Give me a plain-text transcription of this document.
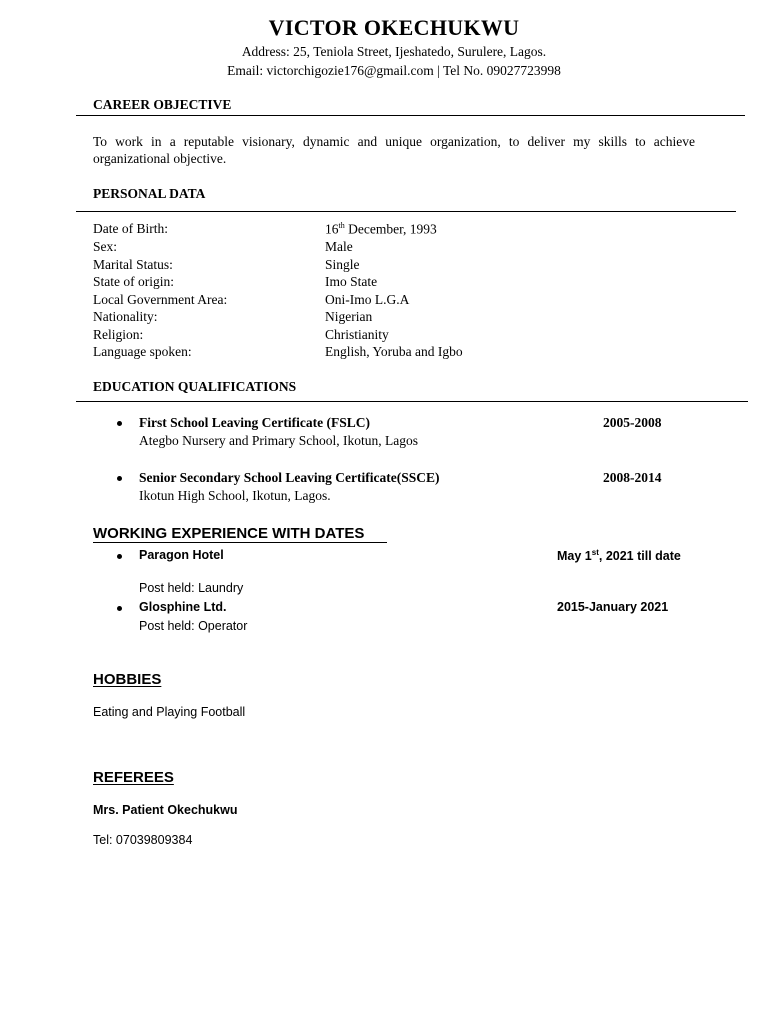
VICTOR OKECHUKWU
Address: 25, Teniola Street, Ijeshatedo, Surulere, Lagos.
Email: victorchigozie176@gmail.com | Tel No. 09027723998
CAREER OBJECTIVE
To work in a reputable visionary, dynamic and unique organization, to deliver my skills to achieve organizational objective.
PERSONAL DATA
Date of Birth:	16th December, 1993
Sex:	Male
Marital Status:	Single
State of origin:	Imo State
Local Government Area:	Oni-Imo L.G.A
Nationality:	Nigerian
Religion:	Christianity
Language spoken:	English, Yoruba and Igbo
EDUCATION QUALIFICATIONS
First School Leaving Certificate (FSLC)	2005-2008
Ategbo Nursery and Primary School, Ikotun, Lagos
Senior Secondary School Leaving Certificate(SSCE)	2008-2014
Ikotun High School, Ikotun, Lagos.
WORKING EXPERIENCE WITH DATES
Paragon Hotel	May 1st, 2021 till date
Post held: Laundry
Glosphine Ltd.	2015-January 2021
Post held: Operator
HOBBIES
Eating and Playing Football
REFEREES
Mrs. Patient Okechukwu
Tel: 07039809384
